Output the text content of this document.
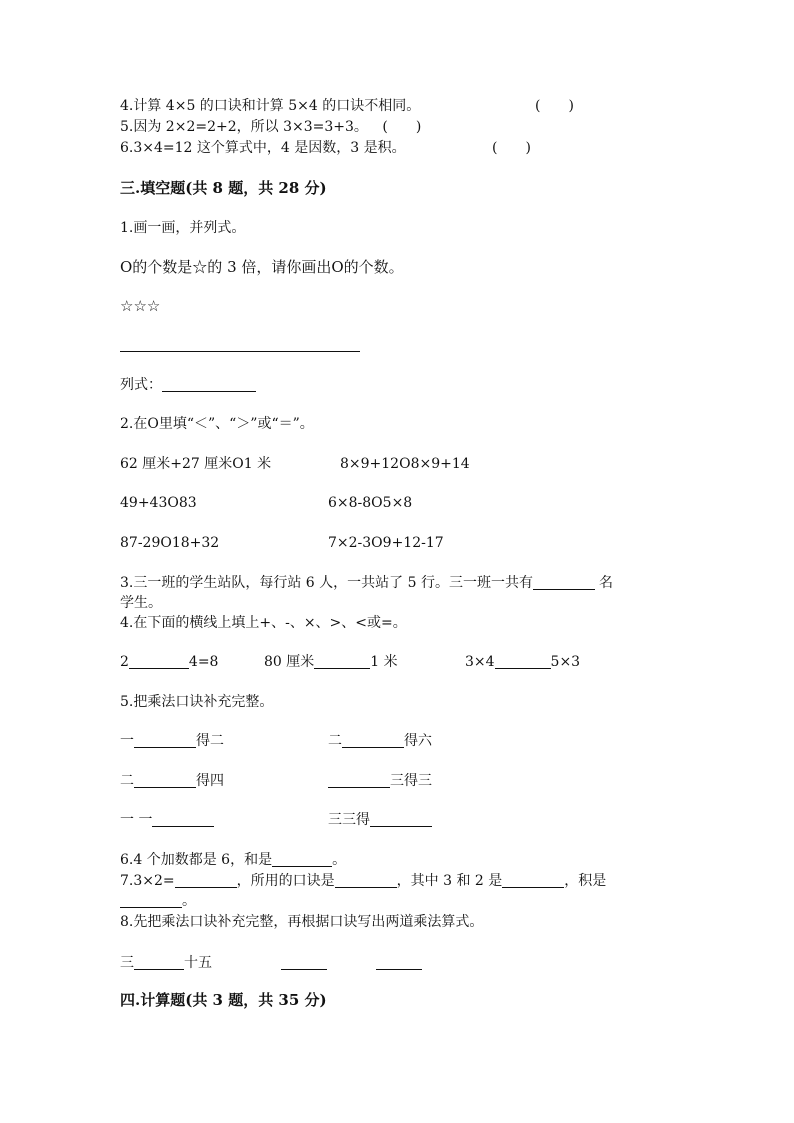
4.计算 4×5 的口诀和计算 5×4 的口诀不相同。	(　　)
5.因为 2×2=2+2，所以 3×3=3+3。 (　　)
6.3×4=12 这个算式中，4 是因数，3 是积。	(　　)
三.填空题(共 8 题，共 28 分)
1.画一画，并列式。
O的个数是☆的 3 倍，请你画出O的个数。
☆☆☆
列式：
2.在O里填“＜”、“＞”或“＝”。
62 厘米+27 厘米O1 米	8×9+12O8×9+14
49+43O83	6×8-8O5×8
87-29O18+32	7×2-3O9+12-17
3.三一班的学生站队，每行站 6 人，一共站了 5 行。三一班一共有	名
学生。
4.在下面的横线上填上+、-、×、>、<或=。
2	4=8	80 厘米	1 米	3×4	5×3
5.把乘法口诀补充完整。
一	得二	二	得六
二	得四	三得三
一 一	三三得
6.4 个加数都是 6，和是	。
7.3×2=	，所用的口诀是	，其中 3 和 2 是	，积是
。
8.先把乘法口诀补充完整，再根据口诀写出两道乘法算式。
三	十五
四.计算题(共 3 题，共 35 分)
